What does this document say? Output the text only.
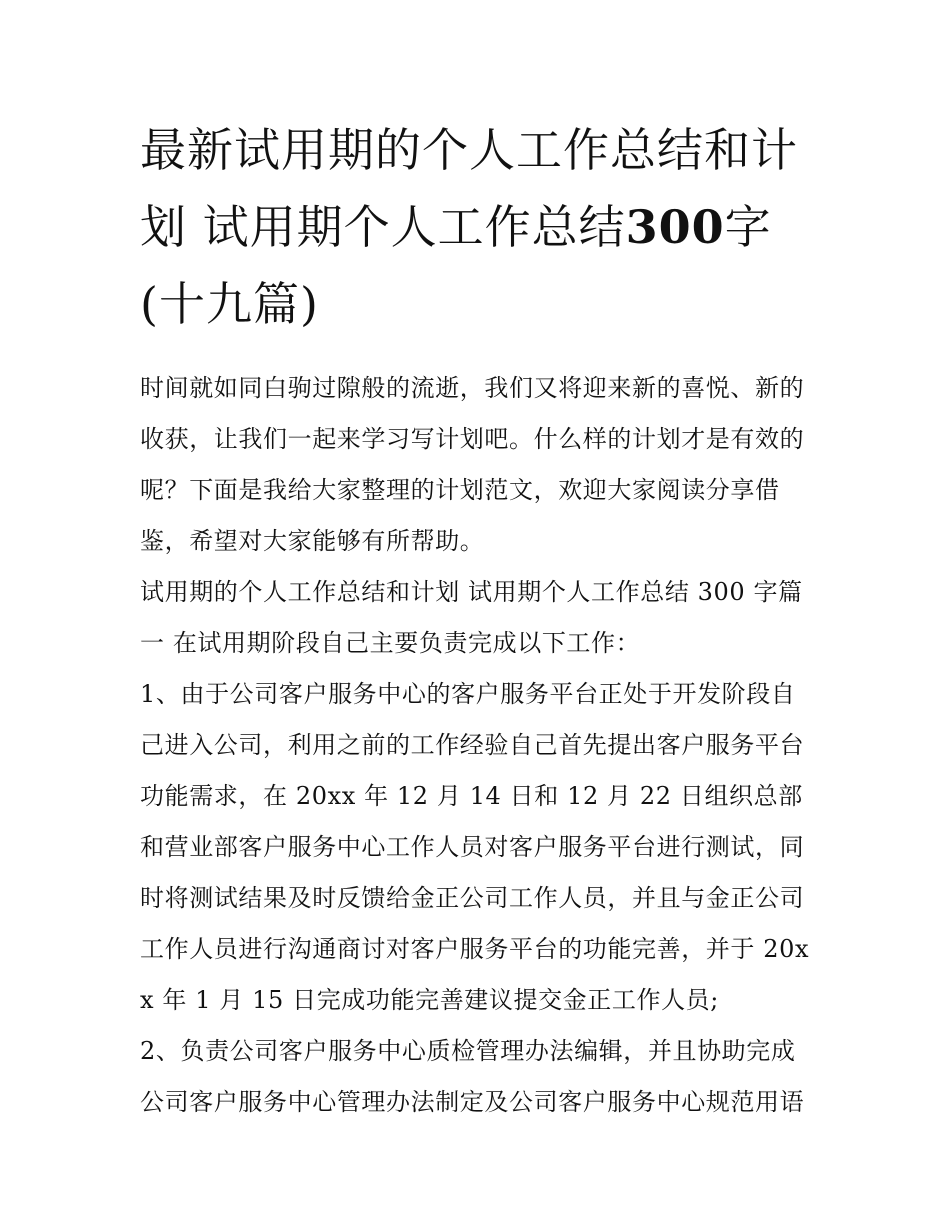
最新试用期的个人工作总结和计划 试用期个人工作总结300字(十九篇)

时间就如同白驹过隙般的流逝，我们又将迎来新的喜悦、新的收获，让我们一起来学习写计划吧。什么样的计划才是有效的呢？下面是我给大家整理的计划范文，欢迎大家阅读分享借鉴，希望对大家能够有所帮助。

试用期的个人工作总结和计划 试用期个人工作总结 300 字篇一 在试用期阶段自己主要负责完成以下工作：

1、由于公司客户服务中心的客户服务平台正处于开发阶段自己进入公司，利用之前的工作经验自己首先提出客户服务平台功能需求，在 20xx 年 12 月 14 日和 12 月 22 日组织总部和营业部客户服务中心工作人员对客户服务平台进行测试，同时将测试结果及时反馈给金正公司工作人员，并且与金正公司工作人员进行沟通商讨对客户服务平台的功能完善，并于 20xx 年 1 月 15 日完成功能完善建议提交金正工作人员;

2、负责公司客户服务中心质检管理办法编辑，并且协助完成公司客户服务中心管理办法制定及公司客户服务中心规范用语
